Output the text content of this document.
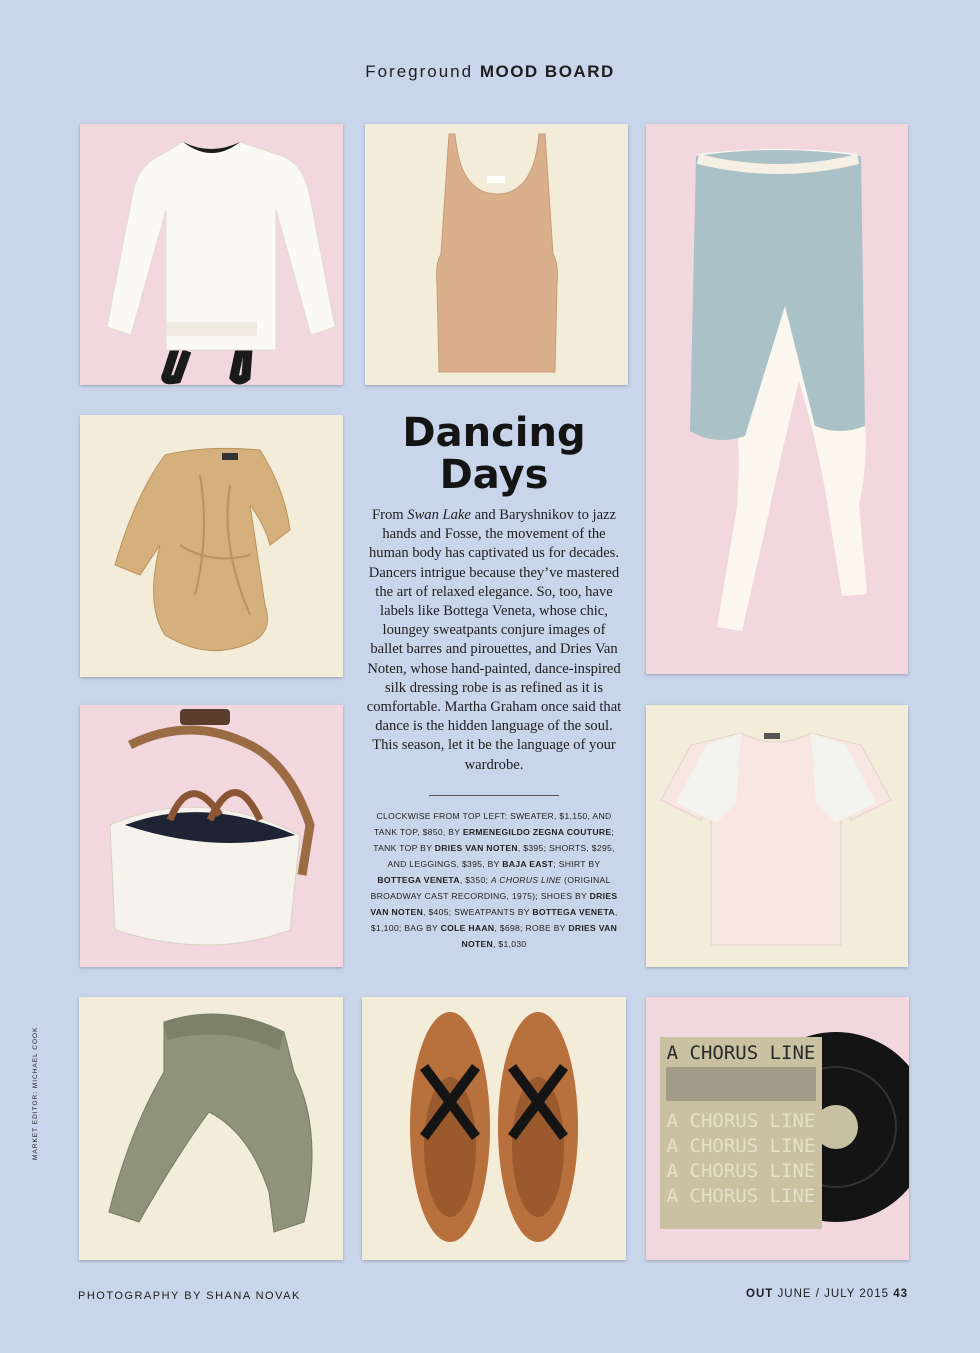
Foreground MOOD BOARD
A CHORUS LINE
A CHORUS LINE
A CHORUS LINE
A CHORUS LINE
A CHORUS LINE
Dancing
Days

From Swan Lake and Baryshnikov to jazz hands and Fosse, the movement of the human body has captivated us for decades. Dancers intrigue because they’ve mastered the art of relaxed elegance. So, too, have labels like Bottega Veneta, whose chic, loungey sweatpants conjure images of ballet barres and pirouettes, and Dries Van Noten, whose hand-painted, dance-inspired silk dressing robe is as refined as it is comfortable. Martha Graham once said that dance is the hidden language of the soul. This season, let it be the language of your wardrobe.

CLOCKWISE FROM TOP LEFT: SWEATER, $1,150, AND TANK TOP, $850, BY ERMENEGILDO ZEGNA COUTURE; TANK TOP BY DRIES VAN NOTEN, $395; SHORTS, $295, AND LEGGINGS, $395, BY BAJA EAST; SHIRT BY BOTTEGA VENETA, $350; A CHORUS LINE (ORIGINAL BROADWAY CAST RECORDING, 1975); SHOES BY DRIES VAN NOTEN, $405; SWEATPANTS BY BOTTEGA VENETA, $1,100; BAG BY COLE HAAN, $698; ROBE BY DRIES VAN NOTEN, $1,030

MARKET EDITOR: MICHAEL COOK
PHOTOGRAPHY BY SHANA NOVAK	OUT JUNE / JULY 2015 43
